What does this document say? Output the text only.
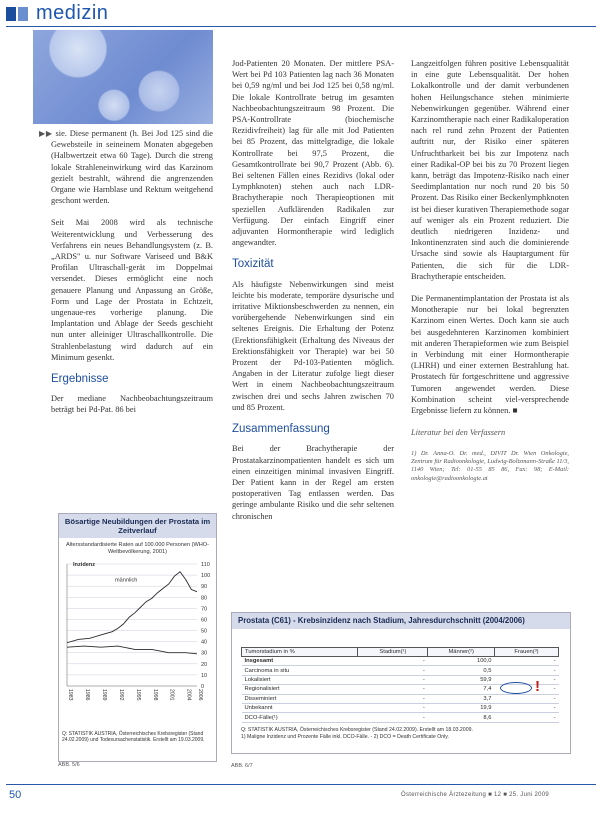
medizin

▶▶ sie. Diese permanent (h. Bei Jod 125 sind die Gewebsteile in seineinem Monaten abgegeben (Halbwertzeit etwa 60 Tage). Durch die streng lokale Strahleneinwirkung wird das Karzinom gezielt bestrahlt, während die angrenzenden Organe wie Harnblase und Rektum weitgehend geschont werden.

Seit Mai 2008 wird als technische Weiterentwicklung und Verbesserung des Verfahrens ein neues Behandlungsystem (z. B. „ARDS" u. nur Software Variseed und B&K Profilan Ultraschall-gerät im Doppelmai versendet. Dieses ermöglicht eine noch genauere Planung und Anpassung an Größe, Form und Lage der Prostata in Echtzeit, ungenaue-res vorherige planung. Die Implantation und Ablage der Seeds geschieht nun unter alleiniger Ultraschallkontrolle. Die Strahlenbelastung wird dadurch auf ein Minimum gesenkt.

Ergebnisse

Der mediane Nachbeobachtungszeitraum beträgt bei Pd-Pat. 86 bei

Jod-Patienten 20 Monaten. Der mittlere PSA-Wert bei Pd 103 Patienten lag nach 36 Monaten bei 0,59 ng/ml und bei Jod 125 bei 0,58 ng/ml. Die lokale Kontrollrate betrug im gesamten Nachbeobachtungszeitraum 98 Prozent. Die PSA-Kontrollrate (biochemische Rezidivfreiheit) lag für alle mit Jod Patienten bei 85 Prozent, das mittelgradige, die lokale Kontrollrate bei 97,5 Prozent, die Gesamtkontrollrate bei 90,7 Prozent (Abb. 6). Bei seltenen Fällen eines Rezidivs (lokal oder Lymphknoten) stehen auch nach LDR-Brachytherapie noch Therapieoptionen mit speziellen Aufklärenden Radikalen zur Verfügung. Der einfach Eingriff einer adjuvanten Hormontherapie wird lediglich angewandter.

Toxizität

Als häufigste Nebenwirkungen sind meist leichte bis moderate, temporäre dysurische und irritative Miktionsbeschwerden zu nennen, ein vorübergehende Nebenwirkungen sind ein seltenes Ereignis. Die Erhaltung der Potenz (Erektionsfähigkeit (Erhaltung des Niveaus der Erektionsfähigkeit vor Therapie) war bei 50 Prozent der Pd-103-Patienten möglich. Angaben in der Literatur zufolge liegt dieser Wert in einem Nachbeobachtungszeitraum zwischen drei und sechs Jahren zwischen 70 und 85 Prozent.

Zusammenfassung

Bei der Brachytherapie der Prostatakarzinompatienten handelt es sich um einen einzeitigen minimal invasiven Eingriff. Der Patient kann in der Regel am ersten postoperativen Tag entlassen werden. Das geringe ambulante Risiko und die sehr seltenen chronischen

Langzeitfolgen führen positive Lebensqualität in eine gute Lebensqualität. Der hohen Lokalkontrolle und der damit verbundenen hohen Heilungschance stehen minimierte Nebenwirkungen gegenüber. Während einer Karzinomtherapie nach einer Radikaloperation nach rel rund zehn Prozent der Patienten auftritt nur, der Risiko einer späteren Unfruchtbarkeit bei bis zur Impotenz nach einer Radikal-OP bei bis zu 70 Prozent liegen kann, beträgt das Impotenz-Risiko nach einer Seedimplantation nur noch rund 20 bis 50 Prozent. Das Risiko einer Beckenlymphknoten ist bei dieser kurativen Therapiemethode sogar auf weniger als ein Prozent reduziert. Die deutlich niedrigeren Inzidenz- und Inkontinenzraten sind auch die dominierende Ursache sind sowie als Hauptargument für Patienten, die sich für die LDR-Brachytherapie entscheiden.

Die Permanentimplantation der Prostata ist als Monotherapie nur bei lokal begrenzten Karzinom einen Wertes. Doch kann sie auch bei ausgedehnteren Karzinomen kombiniert mit anderen Therapieformen wie zum Beispiel in Verbindung mit einer Hormontherapie (LHRH) und einer externen Bestrahlung hat. Prostatech für fortgeschrittene und aggressive Tumoren angewendet werden. Diese Kombination scheint viel-versprechende Ergebnisse liefern zu können. ■

Literatur bei den Verfassern

1) Dr. Anna-O. Dr. med., DIVIT Dr. Wien Onkologie, Zentrum für Radioonkologie, Ludwig-Boltzmann-Straße 11/3, 1140 Wien; Tel: 01-55 85 86, Fax: 98; E-Mail: onkologie@radioonkologie.at

Bösartige Neubildungen der Prostata im Zeitverlauf
Altersstandardisierte Raten auf 100.000 Personen (WHO-Weltbevölkerung, 2001)
0
10
20
30
40
50
60
70
80
90
100
110
1983 1986 1989 1992 1995 1998 2001 2004 2006
Inzidenz
männlich
Q: STATISTIK AUSTRIA, Österreichisches Krebsregister (Stand 24.02.2009) und Todesursachenstatistik. Erstellt am 19.03.2009.
ABB. 5/6
Prostata (C61) - Krebsinzidenz nach Stadium, Jahresdurchschnitt (2004/2006)
Tumorstadium in %	Stadium(¹)	Männer(²)	Frauen(³)
Insgesamt	-	100,0	-
Carcinoma in situ	-	0,5	-
Lokalisiert	-	59,9	-
Regionalisiert	-	7,4	-
Disseminiert	-	3,7	-
Unbekannt	-	19,9	-
DCO-Fälle(¹)	-	8,6	-
!
Q: STATISTIK AUSTRIA, Österreichisches Krebsregister (Stand 24.02.2009). Erstellt am 18.03.2009.
1) Maligne Inzidenz und Prozente Fälle inkl. DCO-Fälle. - 2) DCO = Death Certificate Only.
ABB. 6/7
50	Österreichische Ärztezeitung ■ 12 ■ 25. Juni 2009
